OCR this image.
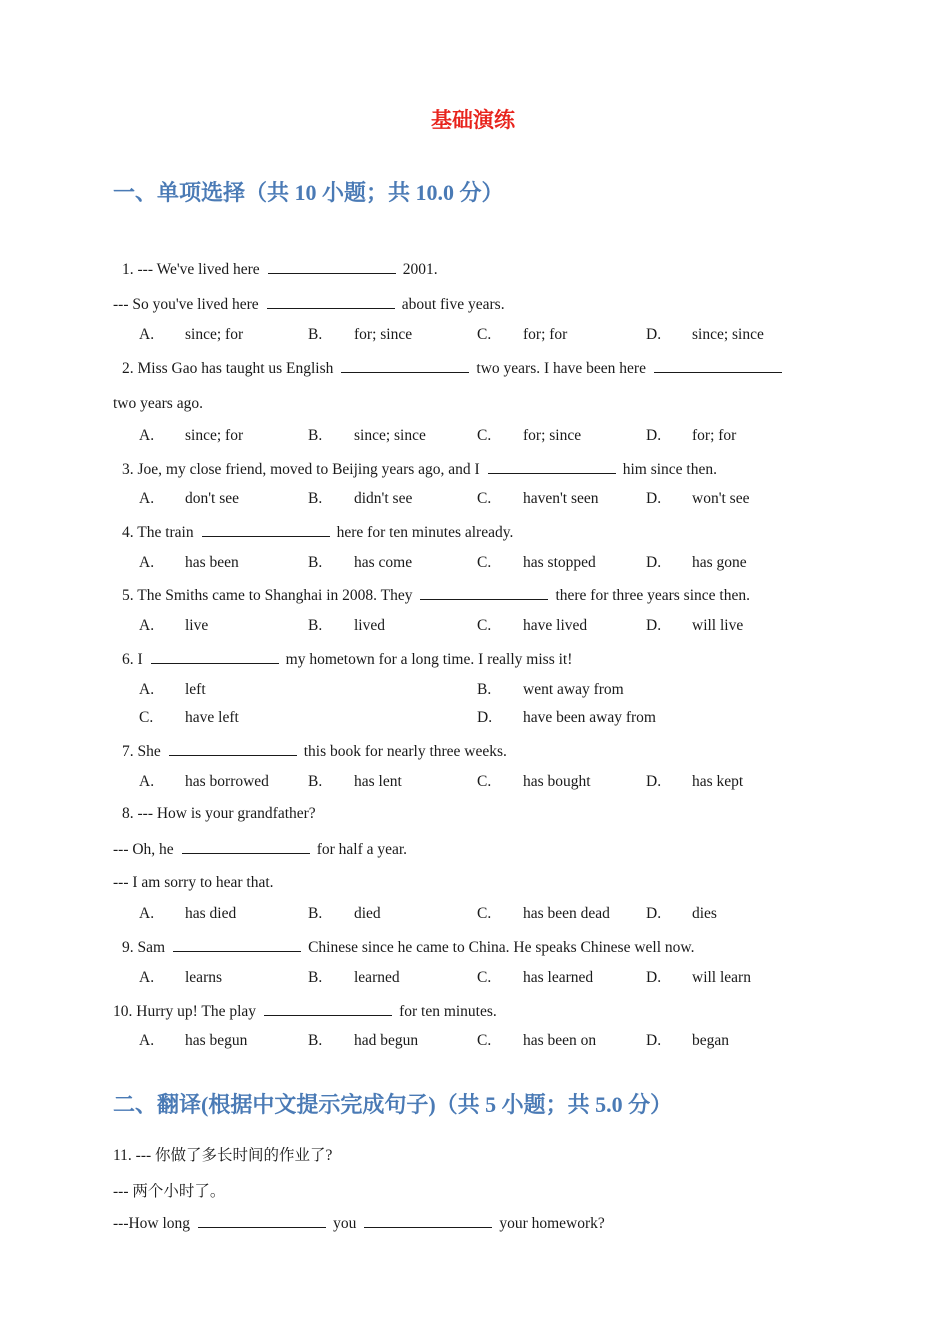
基础演练
一、单项选择（共 10 小题；共 10.0 分）
1. --- We've lived here	2001.
--- So you've lived here	about five years.
A. since; for	B. for; since	C. for; for	D. since; since
2. Miss Gao has taught us English	two years. I have been here
two years ago.
A. since; for	B. since; since	C. for; since	D. for; for
3. Joe, my close friend, moved to Beijing years ago, and I	him since then.
A. don't see	B. didn't see	C. haven't seen	D. won't see
4. The train	here for ten minutes already.
A. has been	B. has come	C. has stopped	D. has gone
5. The Smiths came to Shanghai in 2008. They	there for three years since then.
A. live	B. lived	C. have lived	D. will live
6. I	my hometown for a long time. I really miss it!
A. left	B. went away from
C. have left	D. have been away from
7. She	this book for nearly three weeks.
A. has borrowed	B. has lent	C. has bought	D. has kept
8. --- How is your grandfather?
--- Oh, he	for half a year.
--- I am sorry to hear that.
A. has died	B. died	C. has been dead D. dies
9. Sam	Chinese since he came to China. He speaks Chinese well now.
A. learns	B. learned	C. has learned	D. will learn
10. Hurry up! The play	for ten minutes.
A. has begun	B. had begun	C. has been on	D. began
二、翻译(根据中文提示完成句子)（共 5 小题；共 5.0 分）
11. --- 你做了多长时间的作业了?
--- 两个小时了。
---How long	you	your homework?
